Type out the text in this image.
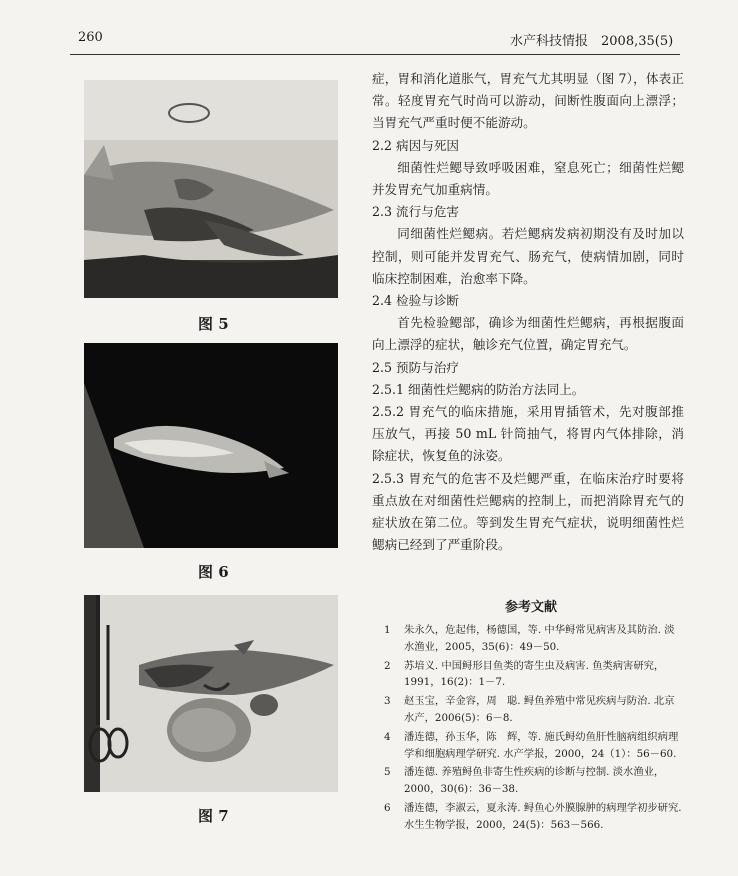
260	水产科技情报　2008,35(5)
图 5
图 6
图 7

症，胃和消化道胀气，胃充气尤其明显（图 7），体表正常。轻度胃充气时尚可以游动，间断性腹面向上漂浮；当胃充气严重时便不能游动。

2.2 病因与死因

细菌性烂鳃导致呼吸困难，窒息死亡；细菌性烂鳃并发胃充气加重病情。

2.3 流行与危害

同细菌性烂鳃病。若烂鳃病发病初期没有及时加以控制，则可能并发胃充气、肠充气，使病情加剧，同时临床控制困难，治愈率下降。

2.4 检验与诊断

首先检验鳃部，确诊为细菌性烂鳃病，再根据腹面向上漂浮的症状，触诊充气位置，确定胃充气。

2.5 预防与治疗

2.5.1 细菌性烂鳃病的防治方法同上。

2.5.2 胃充气的临床措施，采用胃插管术，先对腹部推压放气，再接 50 mL 针筒抽气，将胃内气体排除，消除症状，恢复鱼的泳姿。

2.5.3 胃充气的危害不及烂鳃严重，在临床治疗时要将重点放在对细菌性烂鳃病的控制上，而把消除胃充气的症状放在第二位。等到发生胃充气症状，说明细菌性烂鳃病已经到了严重阶段。

参考文献
1 朱永久，危起伟，杨德国，等. 中华鲟常见病害及其防治. 淡水渔业，2005，35(6)：49－50.
2 苏培义. 中国鲟形目鱼类的寄生虫及病害. 鱼类病害研究，1991，16(2)：1－7.
3 赵玉宝，辛金容，周　聪. 鲟鱼养殖中常见疾病与防治. 北京水产，2006(5)：6－8.
4 潘连德，孙玉华，陈　辉，等. 施氏鲟幼鱼肝性脑病组织病理学和细胞病理学研究. 水产学报，2000，24（1）：56－60.
5 潘连德. 养殖鲟鱼非寄生性疾病的诊断与控制. 淡水渔业，2000，30(6)：36－38.
6 潘连德，李淑云，夏永涛. 鲟鱼心外膜腺肿的病理学初步研究. 水生生物学报，2000，24(5)：563－566.
